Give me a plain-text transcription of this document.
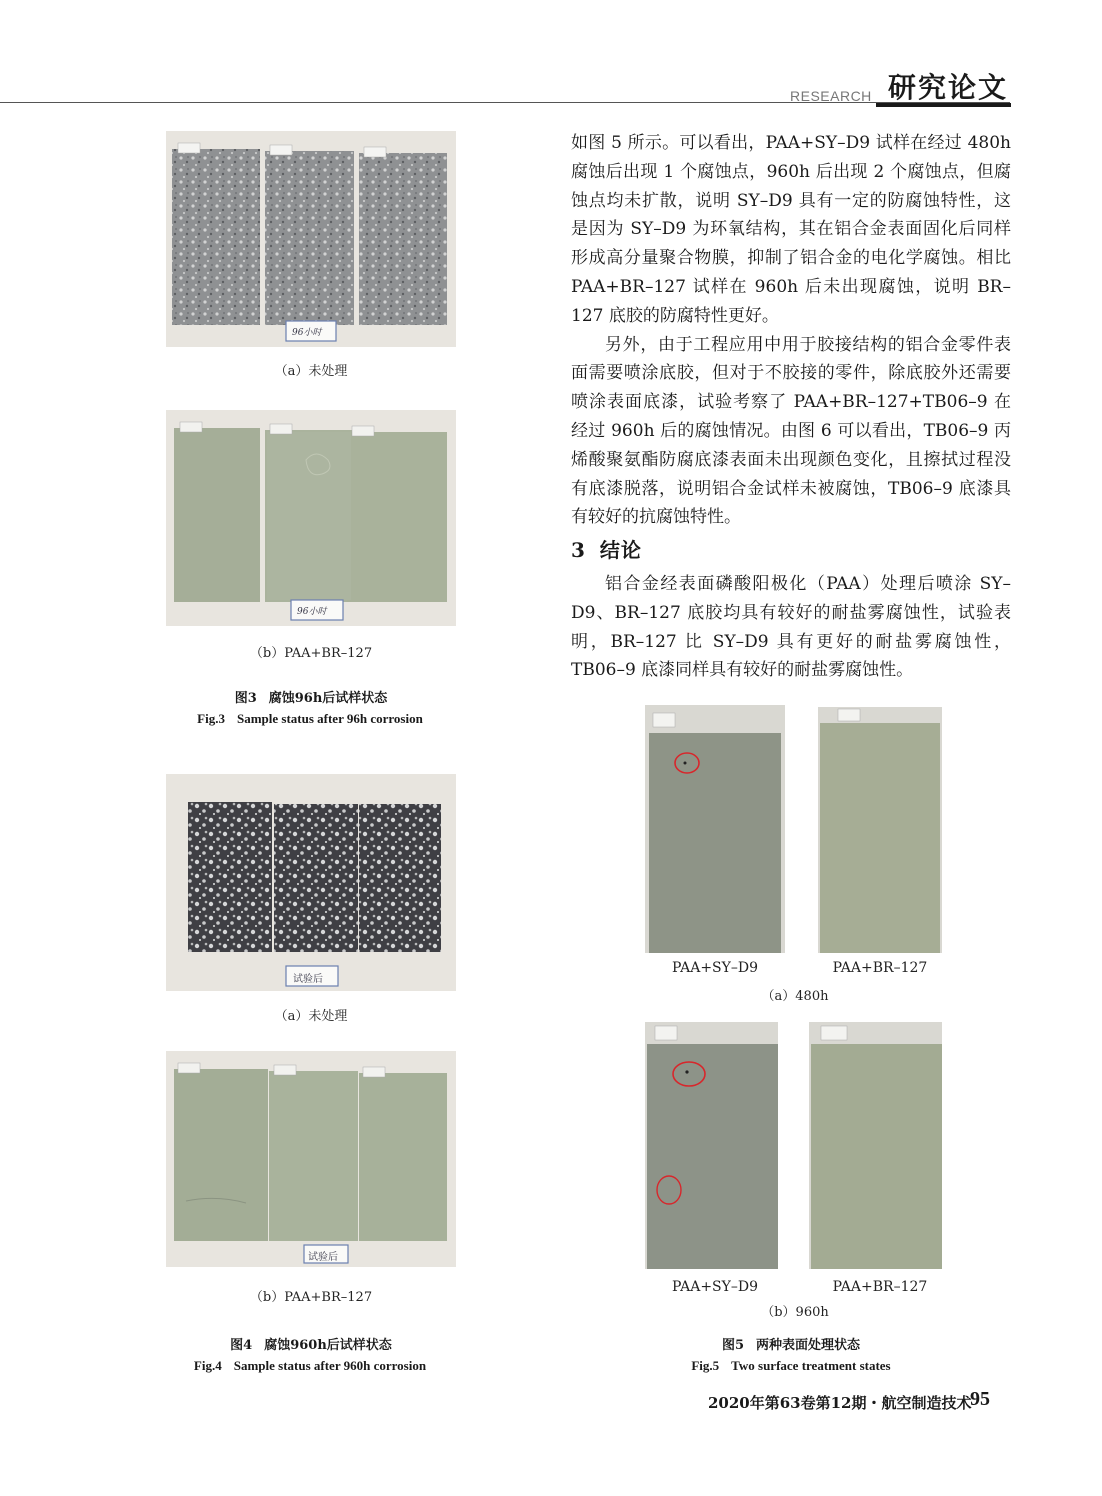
RESEARCH 研究论文
96小时
（a）未处理
96小时
（b）PAA+BR–127
图3 腐蚀96h后试样状态
Fig.3 Sample status after 96h corrosion
试验后
（a）未处理
试验后
（b）PAA+BR–127
图4 腐蚀960h后试样状态
Fig.4 Sample status after 960h corrosion

如图 5 所示。可以看出，PAA+SY–D9 试样在经过 480h 腐蚀后出现 1 个腐蚀点，960h 后出现 2 个腐蚀点，但腐蚀点均未扩散，说明 SY–D9 具有一定的防腐蚀特性，这是因为 SY–D9 为环氧结构，其在铝合金表面固化后同样形成高分量聚合物膜，抑制了铝合金的电化学腐蚀。相比 PAA+BR–127 试样在 960h 后未出现腐蚀，说明 BR–127 底胶的防腐特性更好。

另外，由于工程应用中用于胶接结构的铝合金零件表面需要喷涂底胶，但对于不胶接的零件，除底胶外还需要喷涂表面底漆，试验考察了 PAA+BR–127+TB06–9 在经过 960h 后的腐蚀情况。由图 6 可以看出，TB06–9 丙烯酸聚氨酯防腐底漆表面未出现颜色变化，且擦拭过程没有底漆脱落，说明铝合金试样未被腐蚀，TB06–9 底漆具有较好的抗腐蚀特性。

3 结论

铝合金经表面磷酸阳极化（PAA）处理后喷涂 SY–D9、BR–127 底胶均具有较好的耐盐雾腐蚀性，试验表明，BR–127 比 SY–D9 具有更好的耐盐雾腐蚀性，TB06–9 底漆同样具有较好的耐盐雾腐蚀性。

PAA+SY–D9	PAA+BR–127
（a）480h
PAA+SY–D9	PAA+BR–127
（b）960h
图5 两种表面处理状态
Fig.5 Two surface treatment states
2020年第63卷第12期・航空制造技术
95
